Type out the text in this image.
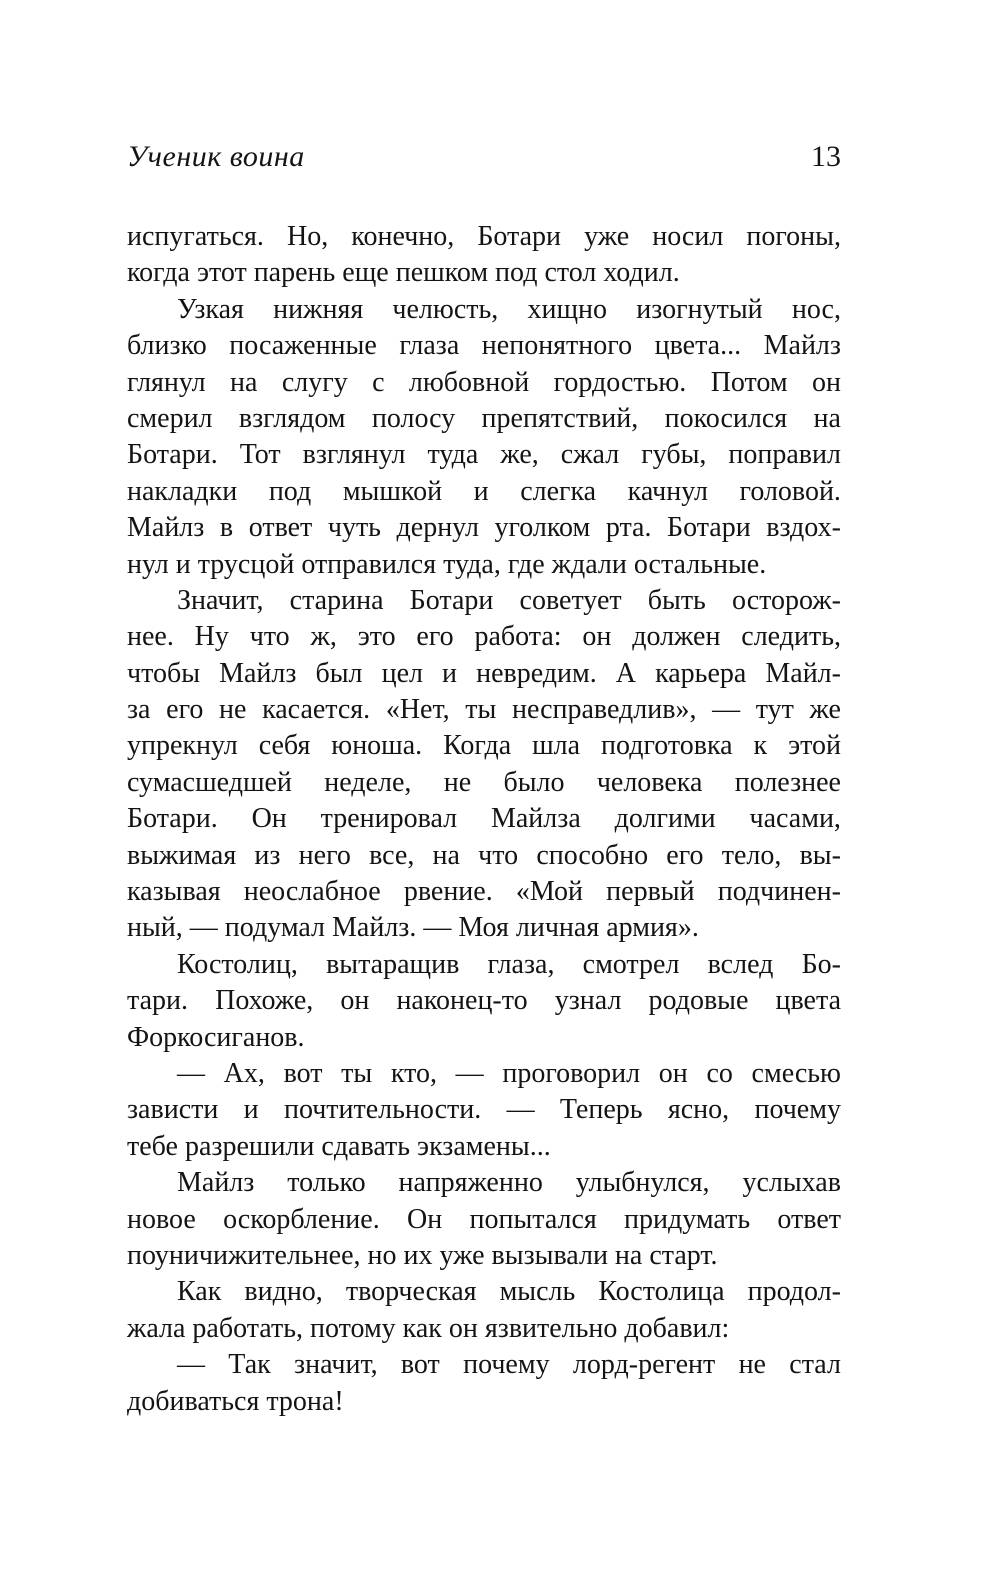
Ученик воина	13
испугаться. Но, конечно, Ботари уже носил погоны,
когда этот парень еще пешком под стол ходил.
Узкая нижняя челюсть, хищно изогнутый нос,
близко посаженные глаза непонятного цвета... Майлз
глянул на слугу с любовной гордостью. Потом он
смерил взглядом полосу препятствий, покосился на
Ботари. Тот взглянул туда же, сжал губы, поправил
накладки под мышкой и слегка качнул головой.
Майлз в ответ чуть дернул уголком рта. Ботари вздох-
нул и трусцой отправился туда, где ждали остальные.
Значит, старина Ботари советует быть осторож-
нее. Ну что ж, это его работа: он должен следить,
чтобы Майлз был цел и невредим. А карьера Майл-
за его не касается. «Нет, ты несправедлив», — тут же
упрекнул себя юноша. Когда шла подготовка к этой
сумасшедшей неделе, не было человека полезнее
Ботари. Он тренировал Майлза долгими часами,
выжимая из него все, на что способно его тело, вы-
казывая неослабное рвение. «Мой первый подчинен-
ный, — подумал Майлз. — Моя личная армия».
Костолиц, вытаращив глаза, смотрел вслед Бо-
тари. Похоже, он наконец-то узнал родовые цвета
Форкосиганов.
— Ах, вот ты кто, — проговорил он со смесью
зависти и почтительности. — Теперь ясно, почему
тебе разрешили сдавать экзамены...
Майлз только напряженно улыбнулся, услыхав
новое оскорбление. Он попытался придумать ответ
поуничижительнее, но их уже вызывали на старт.
Как видно, творческая мысль Костолица продол-
жала работать, потому как он язвительно добавил:
— Так значит, вот почему лорд-регент не стал
добиваться трона!
